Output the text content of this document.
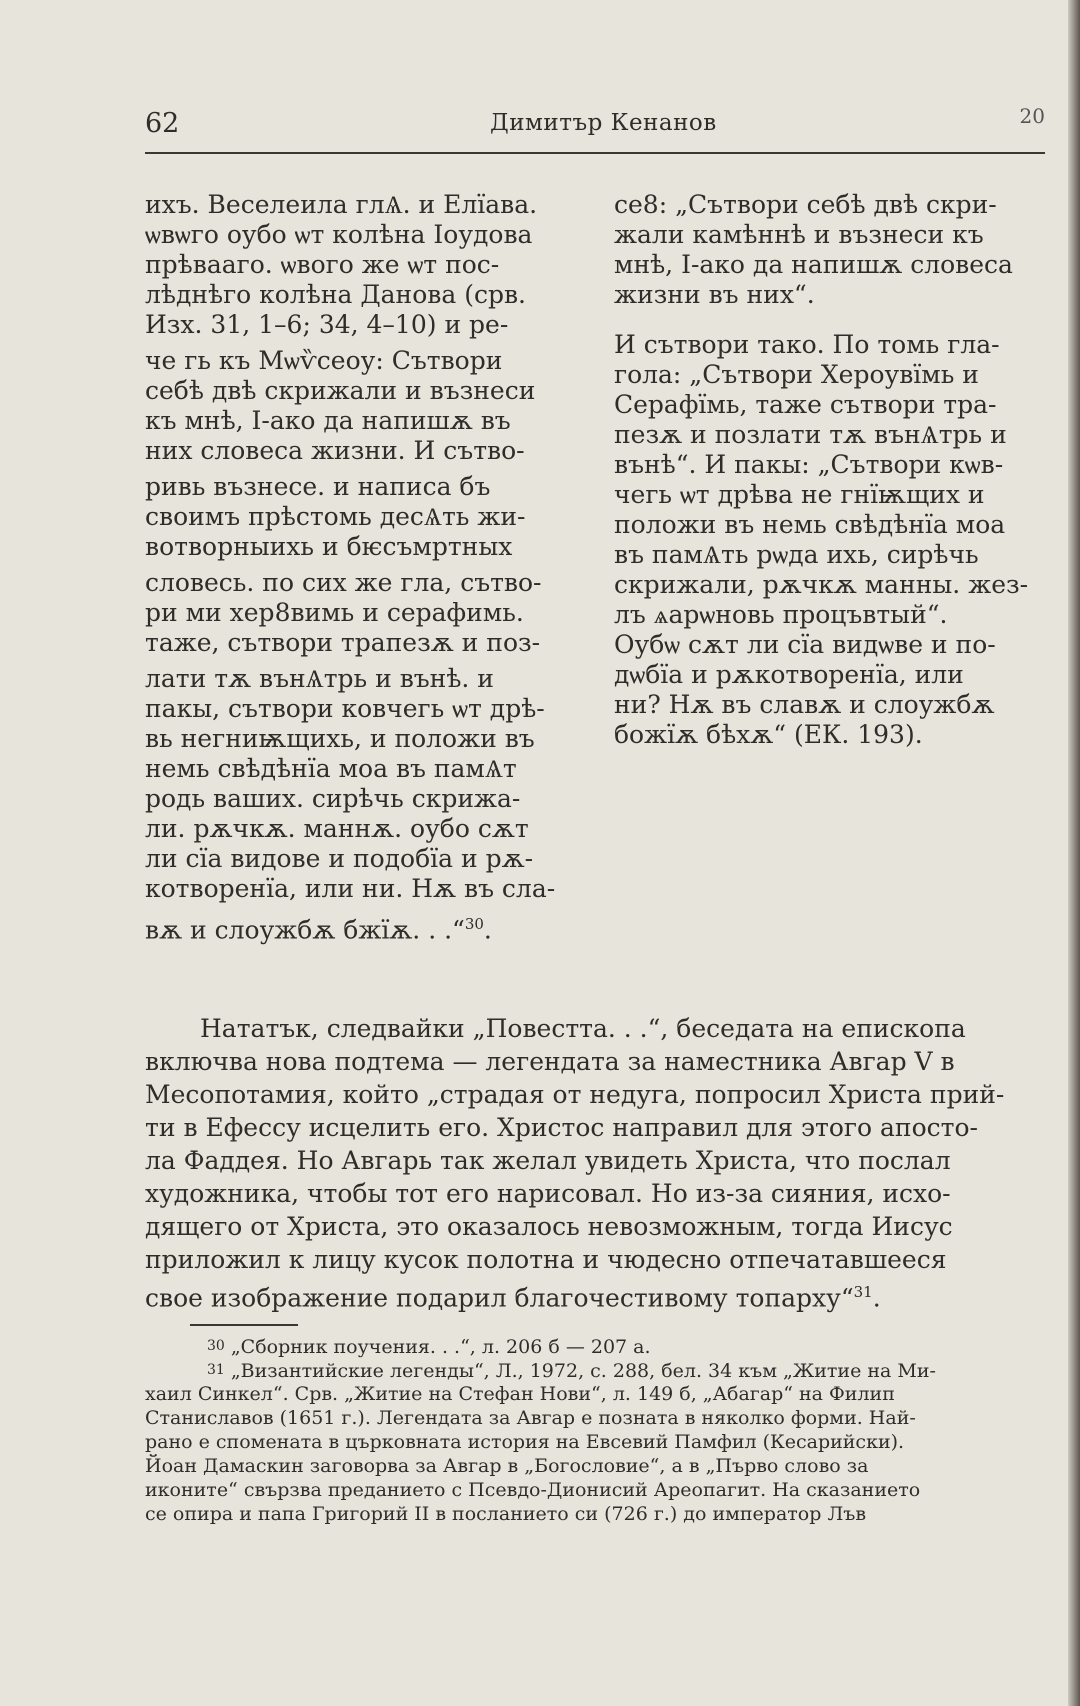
62	Димитър Кенанов	20
ихъ. Веселеила глѦ. и Елїава.
ѡвѡго оубо ѡт колѣна Іоудова
прѣвааго. ѡвого же ѡт пос-
лѣднѣго колѣна Данова (срв.
Изх. 31, 1–6; 34, 4–10) и ре-
че гь къ Мѡѷсеоу: Сътвори
себѣ двѣ скрижали и възнеси
къ мнѣ, І-ако да напишѫ въ
них словеса жизни. И сътво-
ривь възнесе. и написа бъ
своимъ прѣстомь десѦть жи-
вотворныихь и бѥсъмртных
словесь. по сих же гла, сътво-
ри ми хер8вимь и серафимь.
таже, сътвори трапезѫ и поз-
лати тѫ вънѦтрь и вънѣ. и
пакы, сътвори ковчегь ѡт дрѣ-
вь негниѭщихь, и положи въ
немь свѣдѣнїа моа въ памѦт
родь ваших. сирѣчь скрижа-
ли. рѫчкѫ. маннѫ. оубо сѫт
ли сїа видове и подобїа и рѫ-
котворенїа, или ни. Нѫ въ сла-
вѫ и слоужбѫ бжїѫ. . .“$^{30}$.
се8: „Сътвори себѣ двѣ скри-
жали камѣннѣ и възнеси къ
мнѣ, І-ако да напишѫ словеса
жизни въ них“.
И сътвори тако. По томь гла-
гола: „Сътвори Хероувїмь и
Серафїмь, таже сътвори тра-
пезѫ и позлати тѫ вънѦтрь и
вънѣ“. И пакы: „Сътвори кѡв-
чегь ѡт дрѣва не гнїѭщих и
положи въ немь свѣдѣнїа моа
въ памѦть рѡда ихь, сирѣчь
скрижали, рѫчкѫ манны. жез-
лъ ѧарѡновь процъвтый“.
Оубѡ сѫт ли сїа видѡве и по-
дѡбїа и рѫкотворенїа, или
ни? Нѫ въ славѫ и слоужбѫ
божїѫ бѣхѫ“ (ЕК. 193).
Нататък, следвайки „Повестта. . .“, беседата на епископа
включва нова подтема — легендата за наместника Авгар V в
Месопотамия, който „страдая от недуга, попросил Христа прий-
ти в Ефессу исцелить его. Христос направил для этого апосто-
ла Фаддея. Но Авгарь так желал увидеть Христа, что послал
художника, чтобы тот его нарисовал. Но из-за сияния, исхо-
дящего от Христа, это оказалось невозможным, тогда Иисус
приложил к лицу кусок полотна и чюдесно отпечатавшееся
свое изображение подарил благочестивому топарху“$^{31}$.
30 „Сборник поучения. . .“, л. 206 б — 207 а.
31 „Византийские легенды“, Л., 1972, с. 288, бел. 34 към „Житие на Ми-
хаил Синкел“. Срв. „Житие на Стефан Нови“, л. 149 б, „Абагар“ на Филип
Станиславов (1651 г.). Легендата за Авгар е позната в няколко форми. Най-
рано е спомената в църковната история на Евсевий Памфил (Кесарийски).
Йоан Дамаскин заговорва за Авгар в „Богословие“, а в „Първо слово за
иконите“ свързва преданието с Псевдо-Дионисий Ареопагит. На сказанието
се опира и папа Григорий II в посланието си (726 г.) до император Лъв
